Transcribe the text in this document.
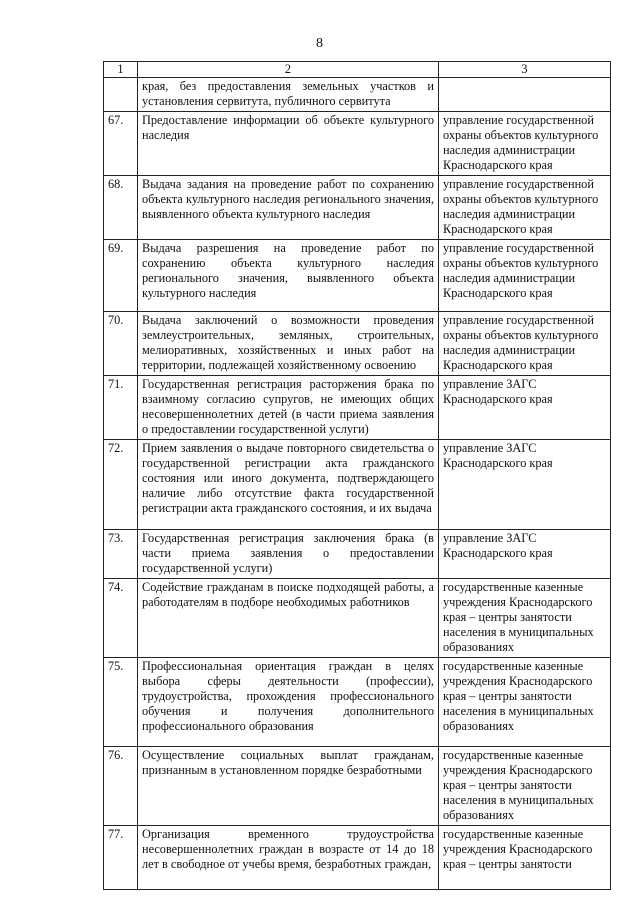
8
1	2	3
	края, без предоставления земельных участков и установления сервитута, публичного сервитута	
67.	Предоставление информации об объекте культурного наследия	управление государственной охраны объектов культурного наследия администрации Краснодарского края
68.	Выдача задания на проведение работ по сохранению объекта культурного наследия регионального значения, выявленного объекта культурного наследия	управление государственной охраны объектов культурного наследия администрации Краснодарского края
69.	Выдача разрешения на проведение работ по сохранению объекта культурного наследия регионального значения, выявленного объекта культурного наследия	управление государственной охраны объектов культурного наследия администрации Краснодарского края
70.	Выдача заключений о возможности проведения землеустроительных, земляных, строительных, мелиоративных, хозяйственных и иных работ на территории, подлежащей хозяйственному освоению	управление государственной охраны объектов культурного наследия администрации Краснодарского края
71.	Государственная регистрация расторжения брака по взаимному согласию супругов, не имеющих общих несовершеннолетних детей (в части приема заявления о предоставлении государственной услуги)	управление ЗАГС Краснодарского края
72.	Прием заявления о выдаче повторного свидетельства о государственной регистрации акта гражданского состояния или иного документа, подтверждающего наличие либо отсутствие факта государственной регистрации акта гражданского состояния, и их выдача	управление ЗАГС Краснодарского края
73.	Государственная регистрация заключения брака (в части приема заявления о предоставлении государственной услуги)	управление ЗАГС Краснодарского края
74.	Содействие гражданам в поиске подходящей работы, а работодателям в подборе необходимых работников	государственные казенные учреждения Краснодарского края – центры занятости населения в муниципальных образованиях
75.	Профессиональная ориентация граждан в целях выбора сферы деятельности (профессии), трудоустройства, прохождения профессионального обучения и получения дополнительного профессионального образования	государственные казенные учреждения Краснодарского края – центры занятости населения в муниципальных образованиях
76.	Осуществление социальных выплат гражданам, признанным в установленном порядке безработными	государственные казенные учреждения Краснодарского края – центры занятости населения в муниципальных образованиях
77.	Организация временного трудоустройства несовершеннолетних граждан в возрасте от 14 до 18 лет в свободное от учебы время, безработных граждан,	государственные казенные учреждения Краснодарского края – центры занятости
